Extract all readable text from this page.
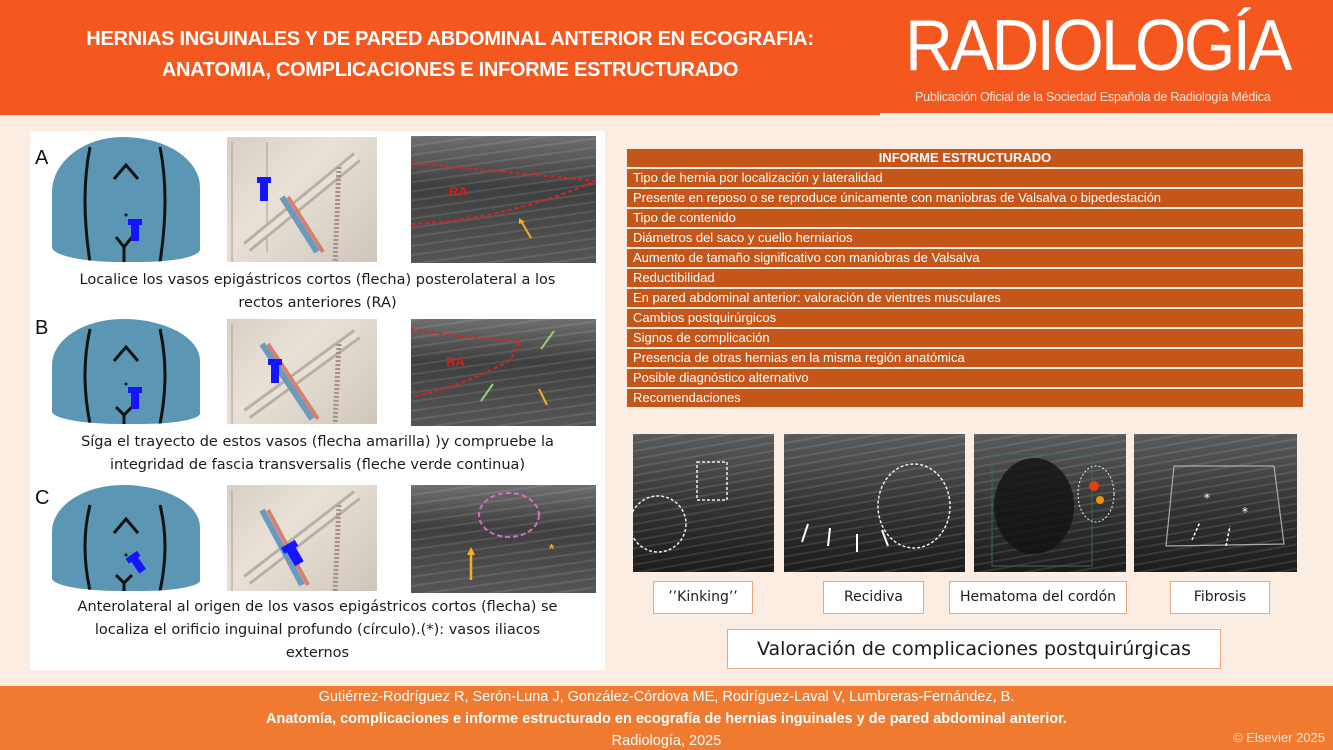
HERNIAS INGUINALES Y DE PARED ABDOMINAL ANTERIOR EN ECOGRAFIA:
ANATOMIA, COMPLICACIONES E INFORME ESTRUCTURADO	RADIOLOGÍA
Publicación Oficial de la Sociedad Española de Radiología Médica
A
RA
Localice los vasos epigástricos cortos (flecha) posterolateral a los
rectos anteriores (RA)
B
RA
Síga el trayecto de estos vasos (flecha amarilla) )y compruebe la
integridad de fascia transversalis (fleche verde continua)
C
*
Anterolateral al origen de los vasos epigástricos cortos (flecha) se
localiza el orificio inguinal profundo (círculo).(*): vasos iliacos
externos
INFORME ESTRUCTURADO
Tipo de hernia por localización y lateralidad
Presente en reposo o se reproduce únicamente con maniobras de Valsalva o bipedestación
Tipo de contenido
Diámetros del saco y cuello herniarios
Aumento de tamaño significativo con maniobras de Valsalva
Reductibilidad
En pared abdominal anterior: valoración de vientres musculares
Cambios postquirúrgicos
Signos de complicación
Presencia de otras hernias en la misma región anatómica
Posible diagnóstico alternativo
Recomendaciones
*
*
’’Kinking’’	Recidiva	Hematoma del cordón	Fibrosis
Valoración de complicaciones postquirúrgicas
Gutiérrez-Rodríguez R, Serón-Luna J, González-Córdova ME, Rodríguez-Laval V, Lumbreras-Fernández, B.
Anatomía, complicaciones e informe estructurado en ecografía de hernias inguinales y de pared abdominal anterior.
Radiología, 2025	© Elsevier 2025
